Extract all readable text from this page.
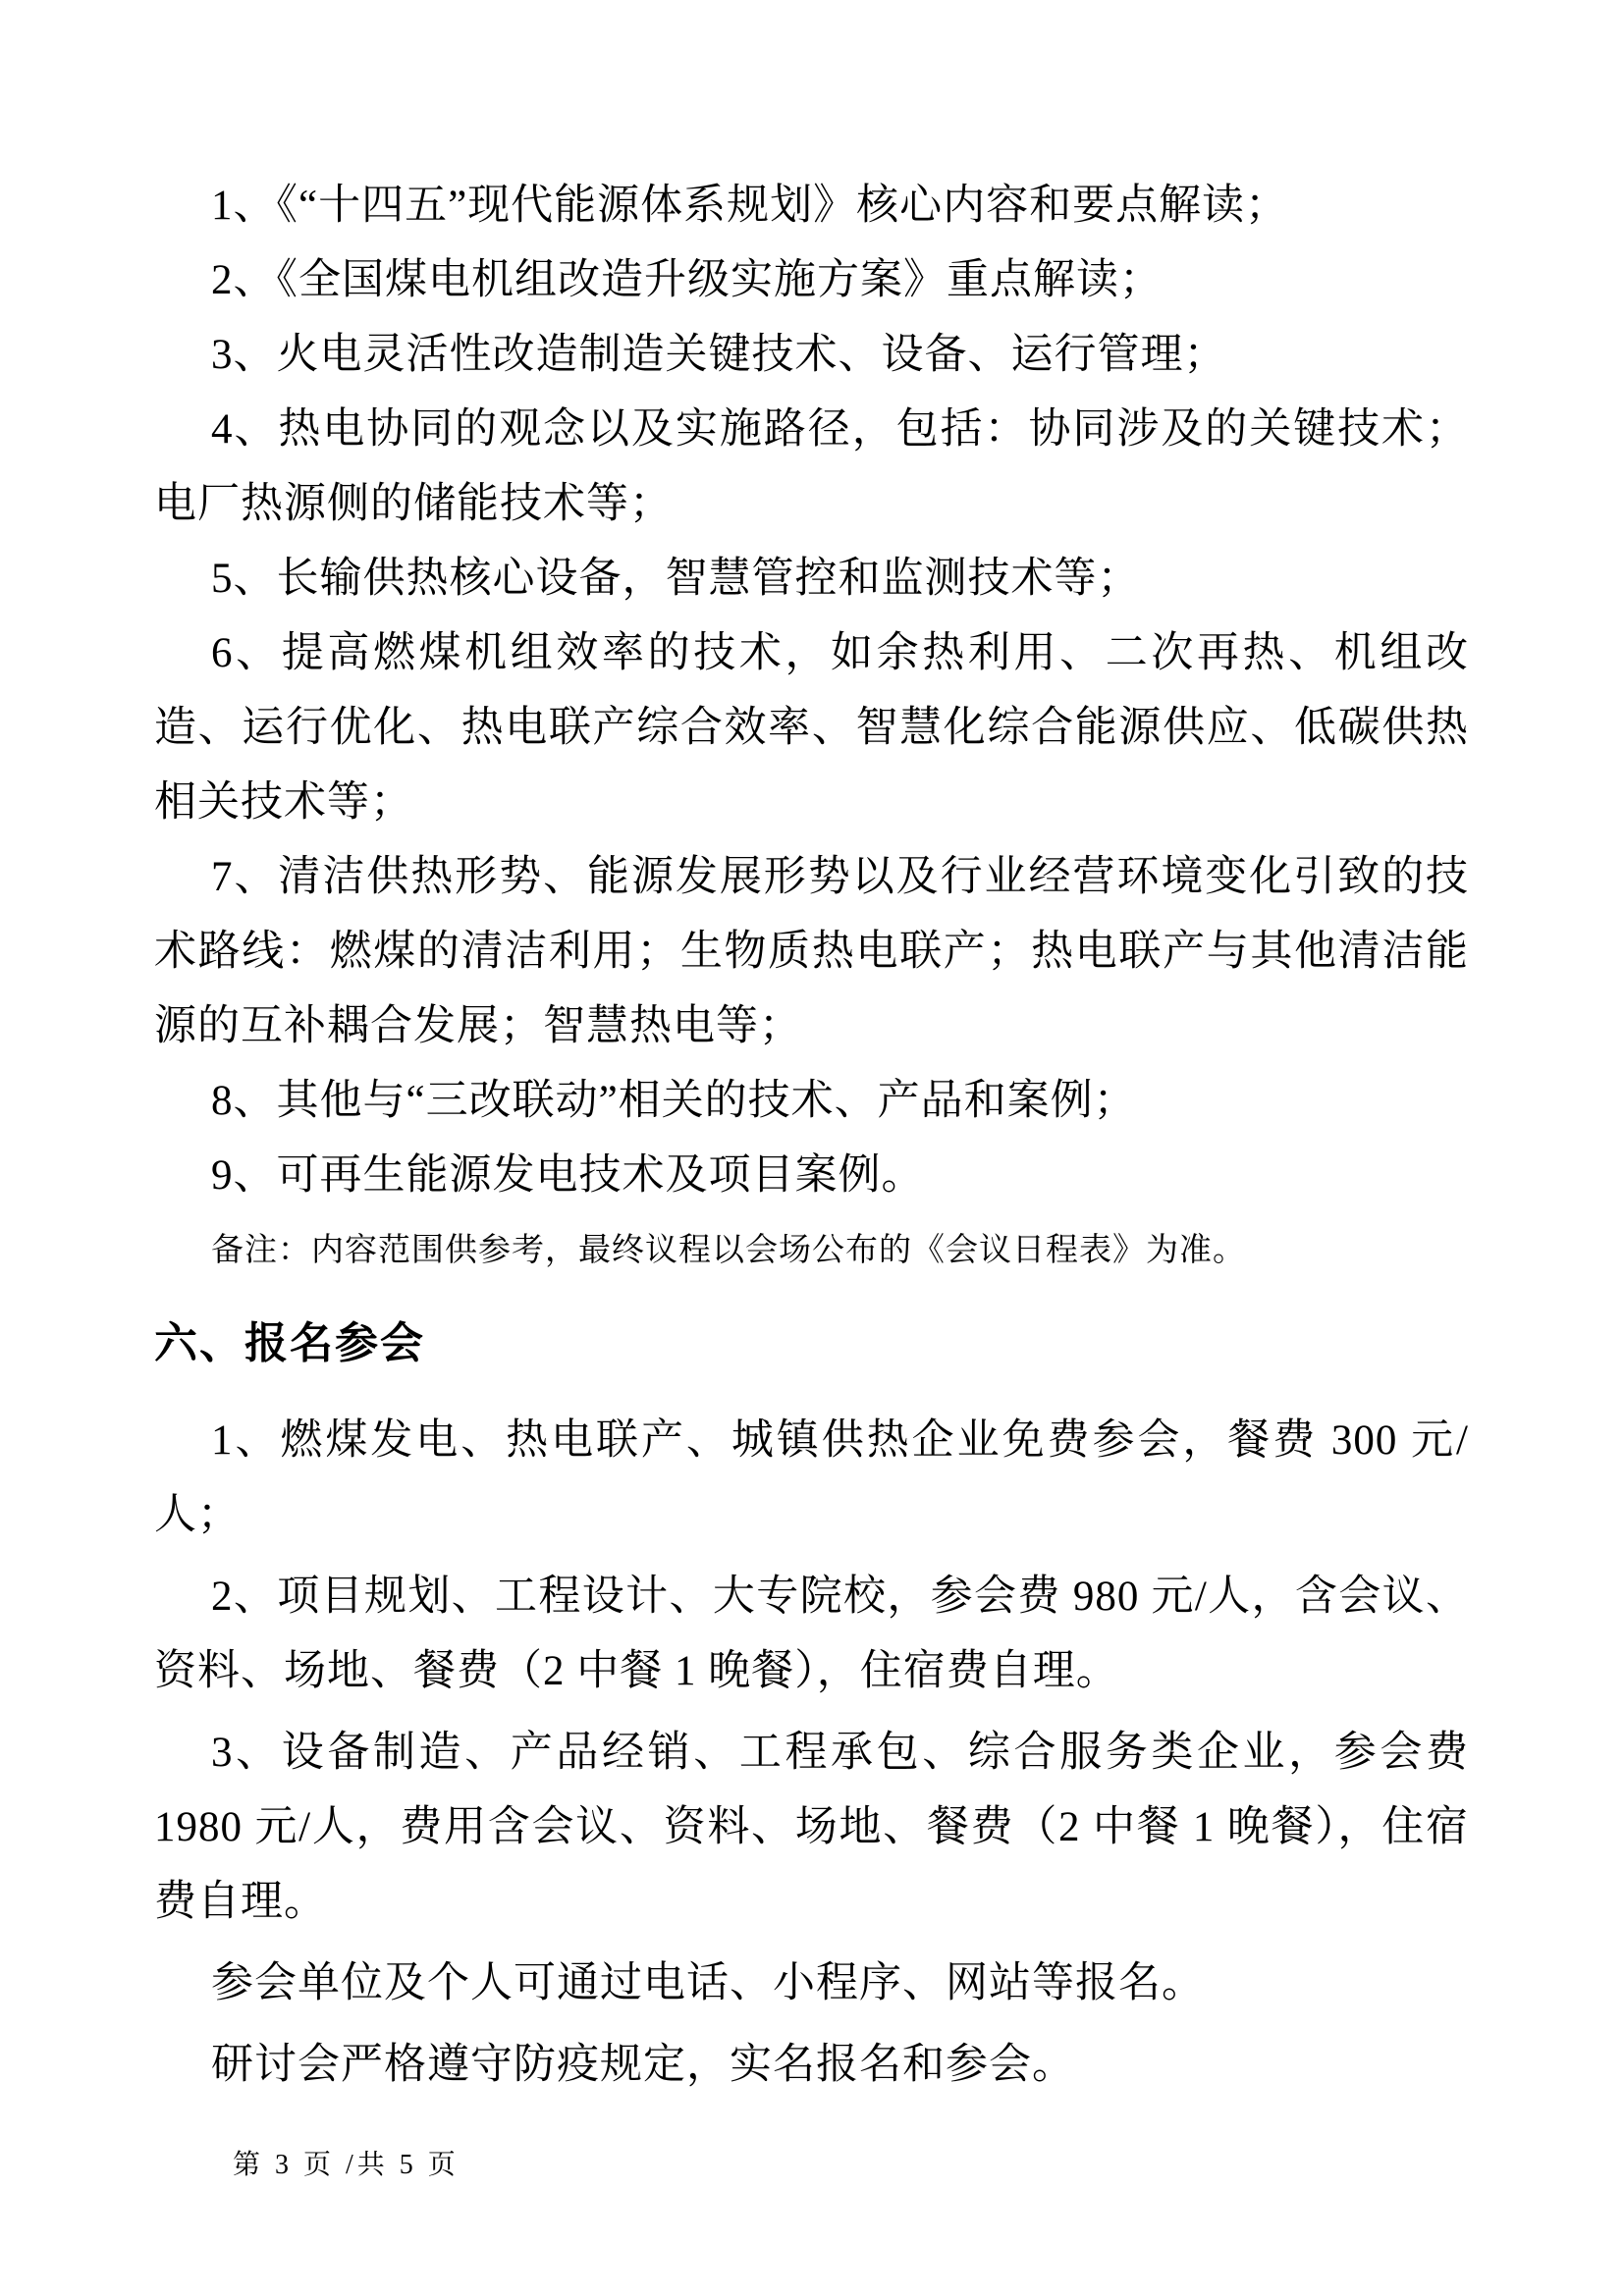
1、《“十四五”现代能源体系规划》核心内容和要点解读；

2、《全国煤电机组改造升级实施方案》重点解读；

3、火电灵活性改造制造关键技术、设备、运行管理；

4、热电协同的观念以及实施路径，包括：协同涉及的关键技术；电厂热源侧的储能技术等；

5、长输供热核心设备，智慧管控和监测技术等；

6、提高燃煤机组效率的技术，如余热利用、二次再热、机组改造、运行优化、热电联产综合效率、智慧化综合能源供应、低碳供热相关技术等；

7、清洁供热形势、能源发展形势以及行业经营环境变化引致的技术路线：燃煤的清洁利用；生物质热电联产；热电联产与其他清洁能源的互补耦合发展；智慧热电等；

8、其他与“三改联动”相关的技术、产品和案例；

9、可再生能源发电技术及项目案例。

备注：内容范围供参考，最终议程以会场公布的《会议日程表》为准。

六、报名参会

1、燃煤发电、热电联产、城镇供热企业免费参会，餐费 300 元/人；

2、项目规划、工程设计、大专院校，参会费 980 元/人，含会议、资料、场地、餐费（2 中餐 1 晚餐），住宿费自理。

3、设备制造、产品经销、工程承包、综合服务类企业，参会费 1980 元/人，费用含会议、资料、场地、餐费（2 中餐 1 晚餐），住宿费自理。

参会单位及个人可通过电话、小程序、网站等报名。

研讨会严格遵守防疫规定，实名报名和参会。

第 3 页 /共 5 页
